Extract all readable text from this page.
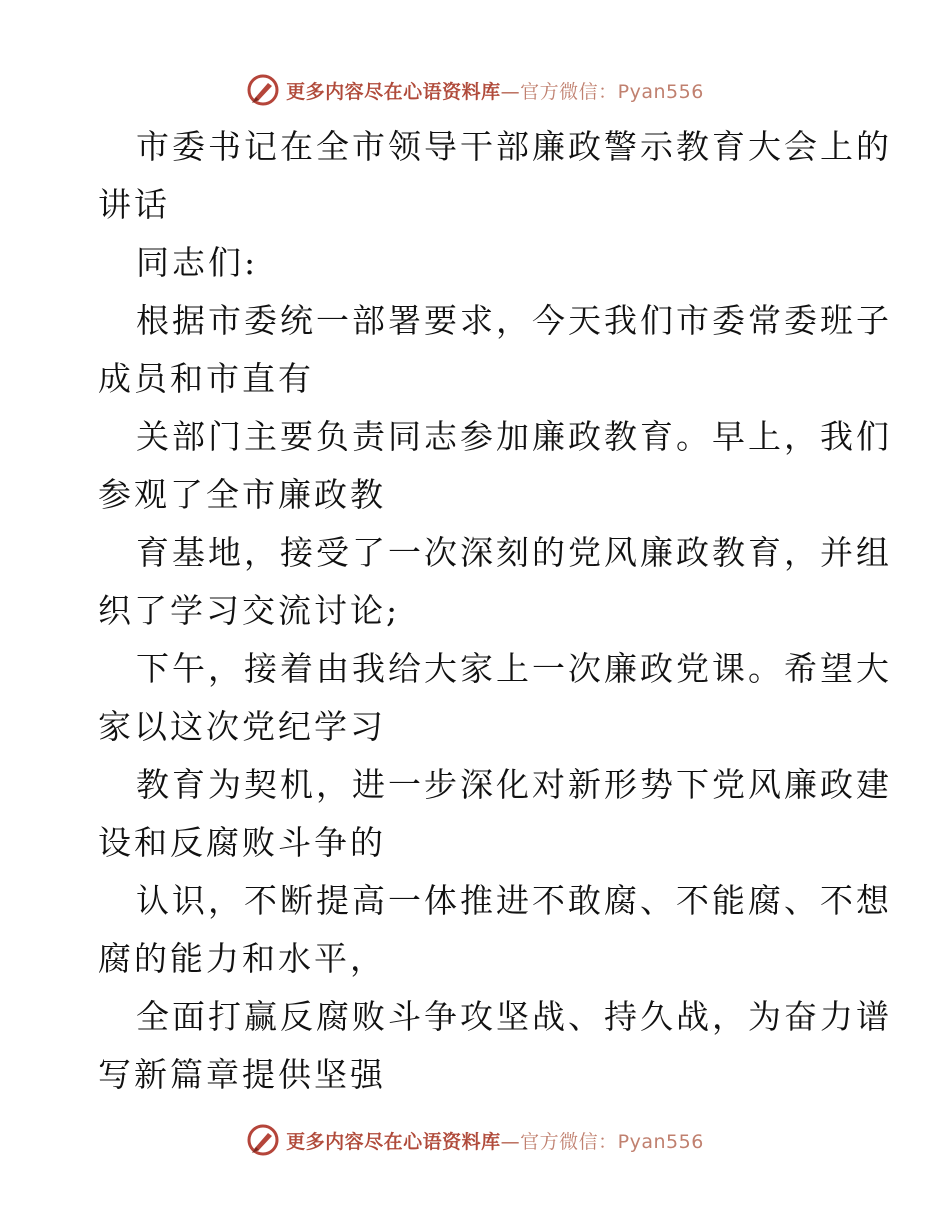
更多内容尽在心语资料库—官方微信：Pyan556
市委书记在全市领导干部廉政警示教育大会上的
讲话
同志们:
根据市委统一部署要求，今天我们市委常委班子
成员和市直有
关部门主要负责同志参加廉政教育。早上，我们
参观了全市廉政教
育基地，接受了一次深刻的党风廉政教育，并组
织了学习交流讨论;
下午，接着由我给大家上一次廉政党课。希望大
家以这次党纪学习
教育为契机，进一步深化对新形势下党风廉政建
设和反腐败斗争的
认识，不断提高一体推进不敢腐、不能腐、不想
腐的能力和水平，
全面打赢反腐败斗争攻坚战、持久战，为奋力谱
写新篇章提供坚强
更多内容尽在心语资料库—官方微信：Pyan556
